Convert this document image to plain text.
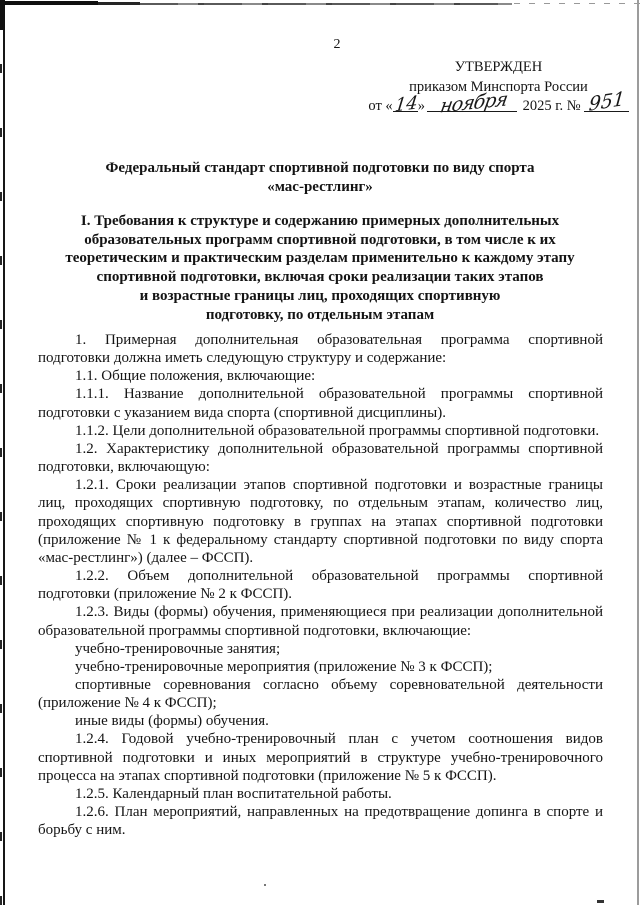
2
УТВЕРЖДЕН
приказом Минспорта России
от «14» ноября 2025 г. № 951
Федеральный стандарт спортивной подготовки по виду спорта
«мас-рестлинг»
I. Требования к структуре и содержанию примерных дополнительных
образовательных программ спортивной подготовки, в том числе к их
теоретическим и практическим разделам применительно к каждому этапу
спортивной подготовки, включая сроки реализации таких этапов
и возрастные границы лиц, проходящих спортивную
подготовку, по отдельным этапам

1. Примерная дополнительная образовательная программа спортивной подготовки должна иметь следующую структуру и содержание:

1.1. Общие положения, включающие:

1.1.1. Название дополнительной образовательной программы спортивной подготовки с указанием вида спорта (спортивной дисциплины).

1.1.2. Цели дополнительной образовательной программы спортивной подготовки.

1.2. Характеристику дополнительной образовательной программы спортивной подготовки, включающую:

1.2.1. Сроки реализации этапов спортивной подготовки и возрастные границы лиц, проходящих спортивную подготовку, по отдельным этапам, количество лиц, проходящих спортивную подготовку в группах на этапах спортивной подготовки (приложение № 1 к федеральному стандарту спортивной подготовки по виду спорта «мас-рестлинг») (далее – ФССП).

1.2.2. Объем дополнительной образовательной программы спортивной подготовки (приложение № 2 к ФССП).

1.2.3. Виды (формы) обучения, применяющиеся при реализации дополнительной образовательной программы спортивной подготовки, включающие:

учебно-тренировочные занятия;

учебно-тренировочные мероприятия (приложение № 3 к ФССП);

спортивные соревнования согласно объему соревновательной деятельности (приложение № 4 к ФССП);

иные виды (формы) обучения.

1.2.4. Годовой учебно-тренировочный план с учетом соотношения видов спортивной подготовки и иных мероприятий в структуре учебно-тренировочного процесса на этапах спортивной подготовки (приложение № 5 к ФССП).

1.2.5. Календарный план воспитательной работы.

1.2.6. План мероприятий, направленных на предотвращение допинга в спорте и борьбу с ним.
